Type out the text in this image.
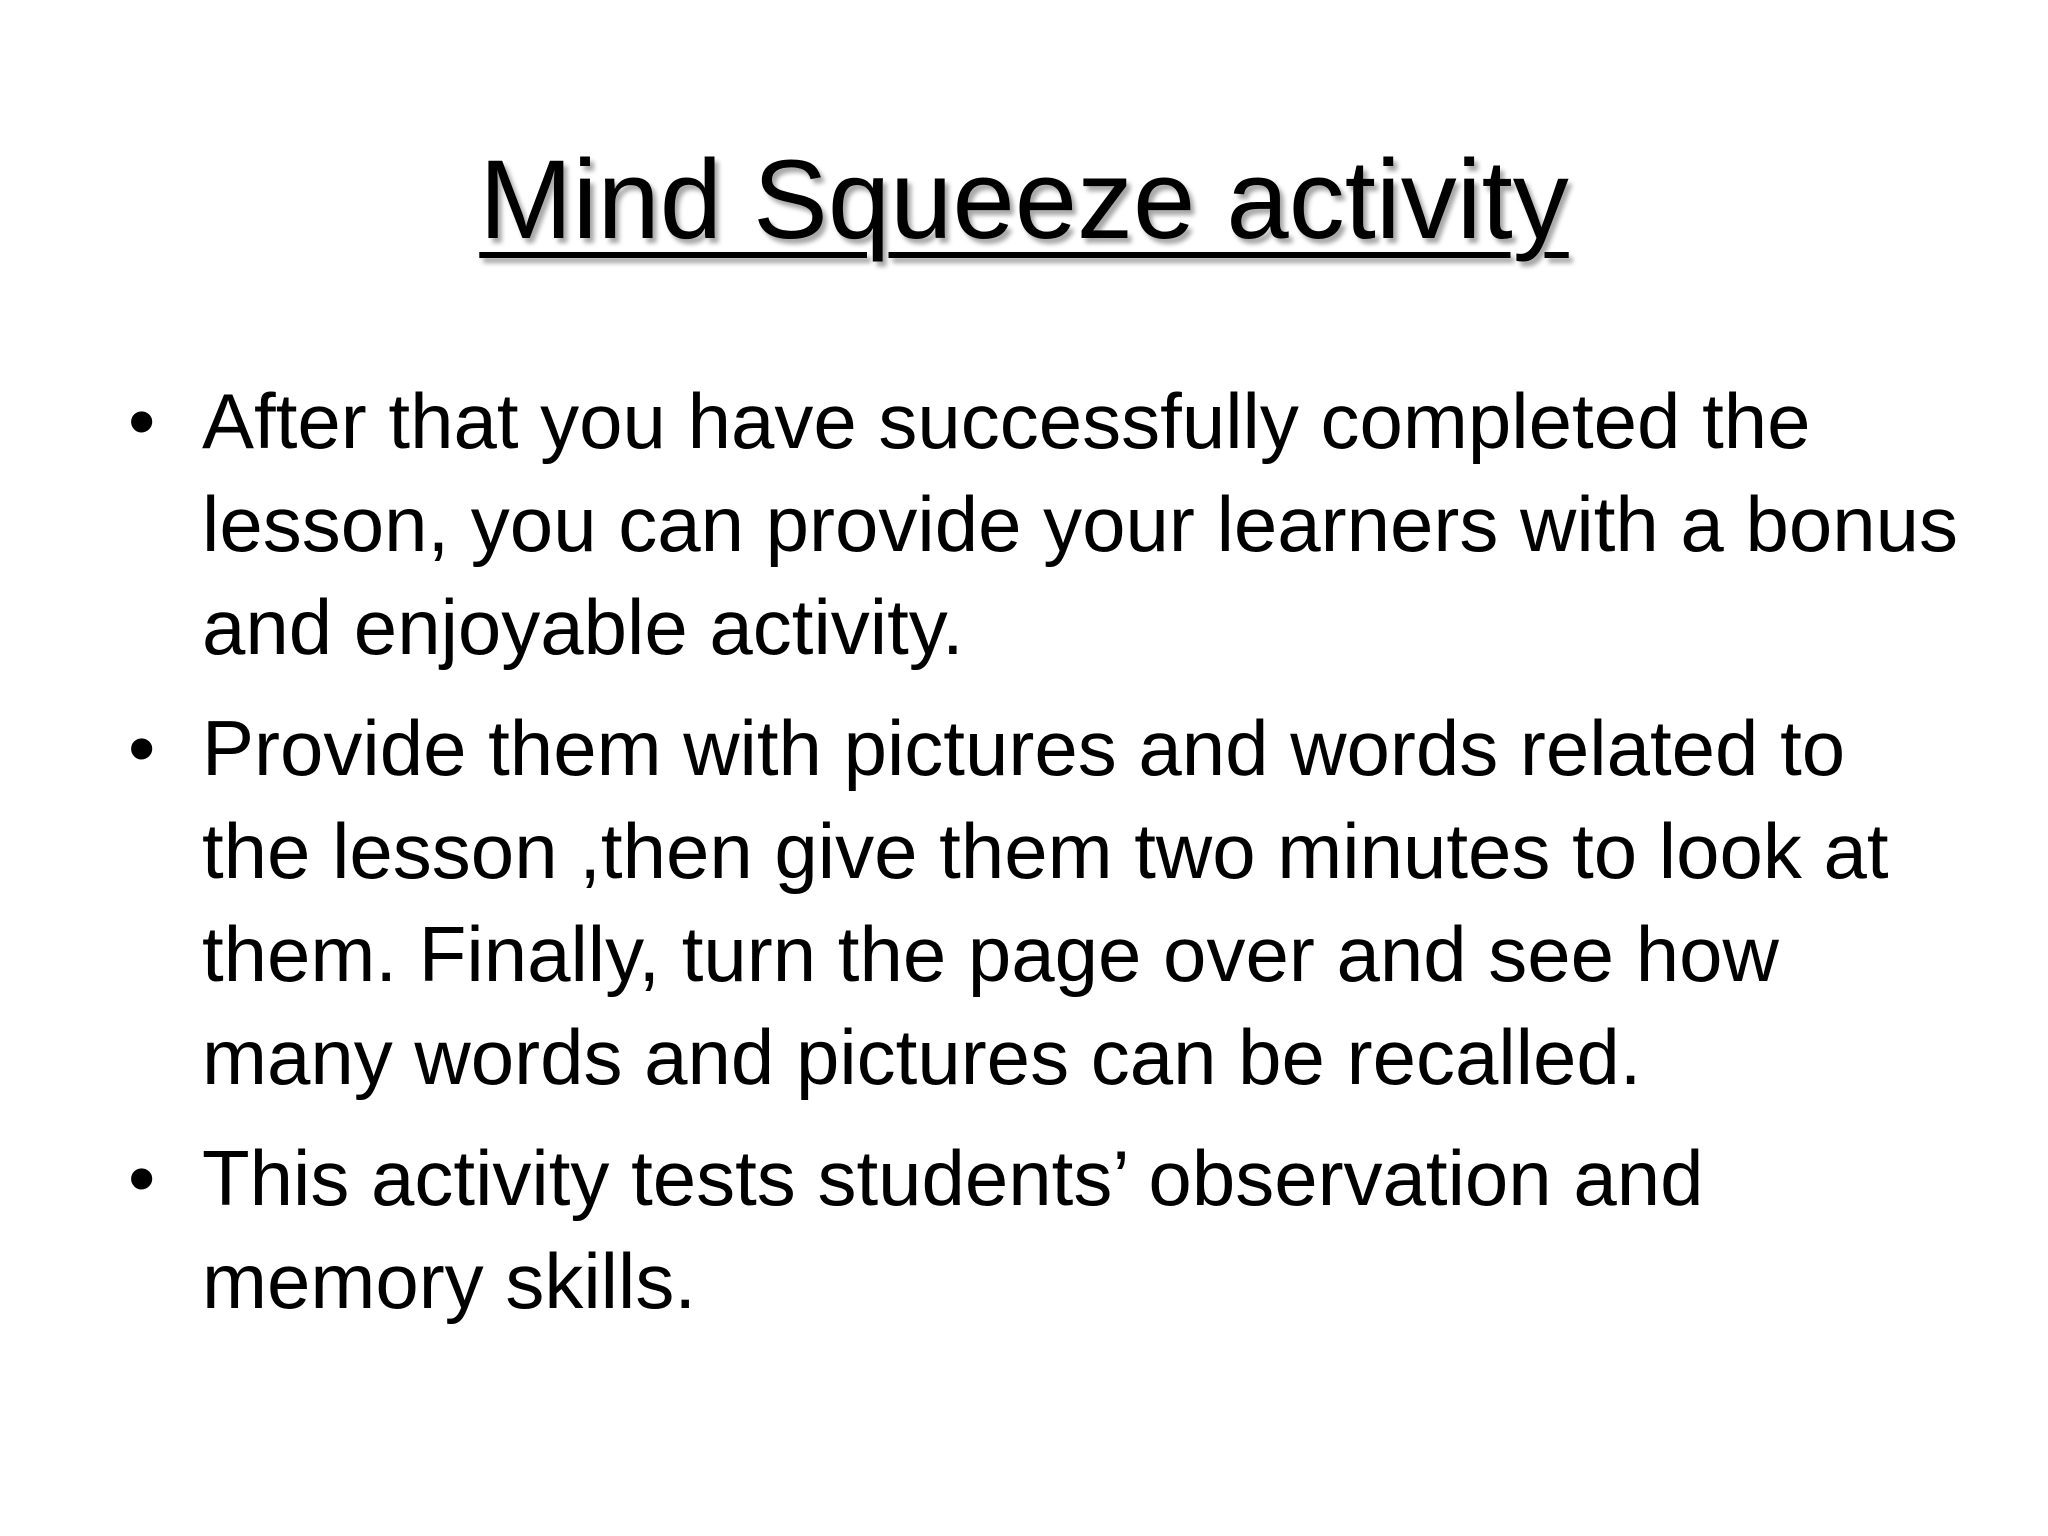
Mind Squeeze activity
• After that you have successfully completed the lesson, you can provide your learners with a bonus and enjoyable activity.
• Provide them with pictures and words related to the lesson ,then give them two minutes to look at them. Finally, turn the page over and see how many words and pictures can be recalled.
• This activity tests students’ observation and memory skills.
